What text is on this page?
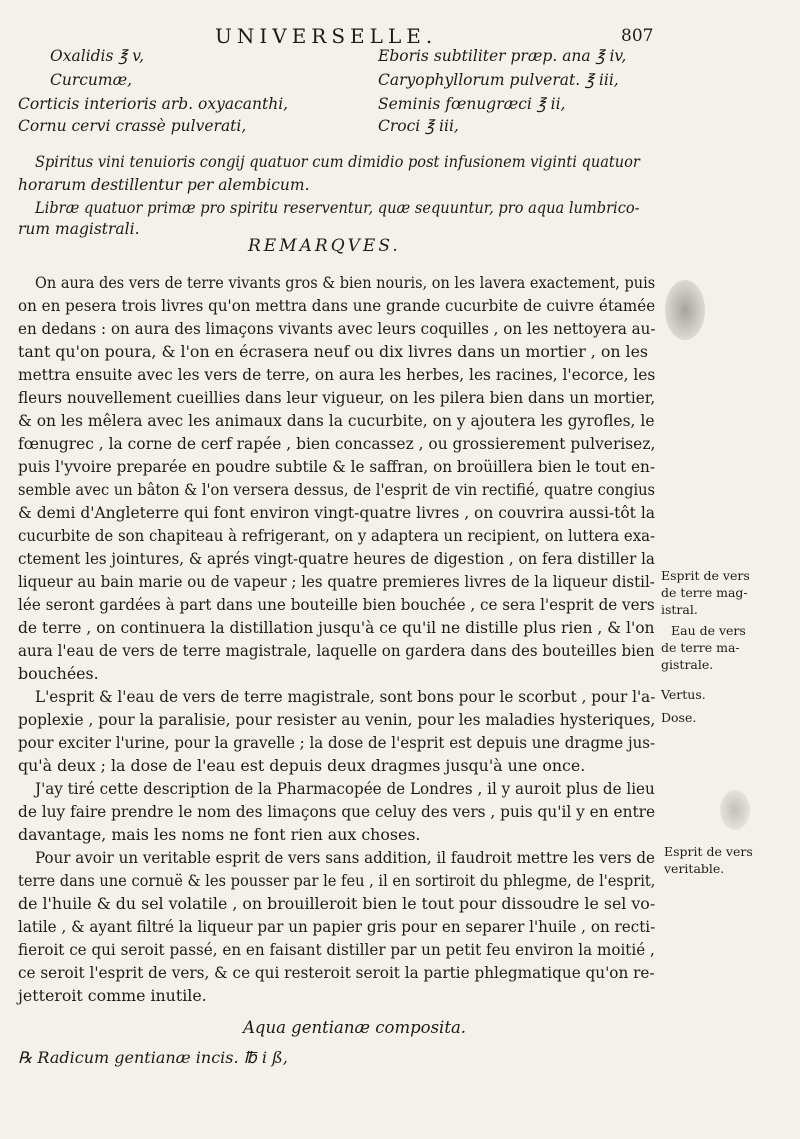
UNIVERSELLE.	807
Oxalidis ℥ v,
Curcumæ,
Corticis interioris arb. oxyacanthi,
Cornu cervi crassè pulverati,
Eboris subtiliter præp. ana ℥ iv,
Caryophyllorum pulverat. ℥ iii,
Seminis fœnugræci ℥ ii,
Croci ℥ iii,
Spiritus vini tenuioris congij quatuor cum dimidio post infusionem viginti quatuor
horarum destillentur per alembicum.
Libræ quatuor primæ pro spiritu reserventur, quæ sequuntur, pro aqua lumbrico-
rum magistrali.
REMARQVES.
On aura des vers de terre vivants gros & bien nouris, on les lavera exactement, puis
on en pesera trois livres qu'on mettra dans une grande cucurbite de cuivre étamée
en dedans : on aura des limaçons vivants avec leurs coquilles , on les nettoyera au-
tant qu'on poura, & l'on en écrasera neuf ou dix livres dans un mortier , on les
mettra ensuite avec les vers de terre, on aura les herbes, les racines, l'ecorce, les
fleurs nouvellement cueillies dans leur vigueur, on les pilera bien dans un mortier,
& on les mêlera avec les animaux dans la cucurbite, on y ajoutera les gyrofles, le
fœnugrec , la corne de cerf rapée , bien concassez , ou grossierement pulverisez,
puis l'yvoire preparée en poudre subtile & le saffran, on broüillera bien le tout en-
semble avec un bâton & l'on versera dessus, de l'esprit de vin rectifié, quatre congius
& demi d'Angleterre qui font environ vingt-quatre livres , on couvrira aussi-tôt la
cucurbite de son chapiteau à refrigerant, on y adaptera un recipient, on luttera exa-
ctement les jointures, & aprés vingt-quatre heures de digestion , on fera distiller la
liqueur au bain marie ou de vapeur ; les quatre premieres livres de la liqueur distil-
lée seront gardées à part dans une bouteille bien bouchée , ce sera l'esprit de vers
de terre , on continuera la distillation jusqu'à ce qu'il ne distille plus rien , & l'on
aura l'eau de vers de terre magistrale, laquelle on gardera dans des bouteilles bien
bouchées.
L'esprit & l'eau de vers de terre magistrale, sont bons pour le scorbut , pour l'a-
poplexie , pour la paralisie, pour resister au venin, pour les maladies hysteriques,
pour exciter l'urine, pour la gravelle ; la dose de l'esprit est depuis une dragme jus-
qu'à deux ; la dose de l'eau est depuis deux dragmes jusqu'à une once.
J'ay tiré cette description de la Pharmacopée de Londres , il y auroit plus de lieu
de luy faire prendre le nom des limaçons que celuy des vers , puis qu'il y en entre
davantage, mais les noms ne font rien aux choses.
Pour avoir un veritable esprit de vers sans addition, il faudroit mettre les vers de
terre dans une cornuë & les pousser par le feu , il en sortiroit du phlegme, de l'esprit,
de l'huile & du sel volatile , on brouilleroit bien le tout pour dissoudre le sel vo-
latile , & ayant filtré la liqueur par un papier gris pour en separer l'huile , on recti-
fieroit ce qui seroit passé, en en faisant distiller par un petit feu environ la moitié ,
ce seroit l'esprit de vers, & ce qui resteroit seroit la partie phlegmatique qu'on re-
jetteroit comme inutile.
Esprit de vers
de terre mag-
istral.
Eau de vers
de terre ma-
gistrale.
Vertus.
Dose.
Esprit de vers
veritable.
Aqua gentianæ composita.
℞ Radicum gentianæ incis. ℔ i ß,
